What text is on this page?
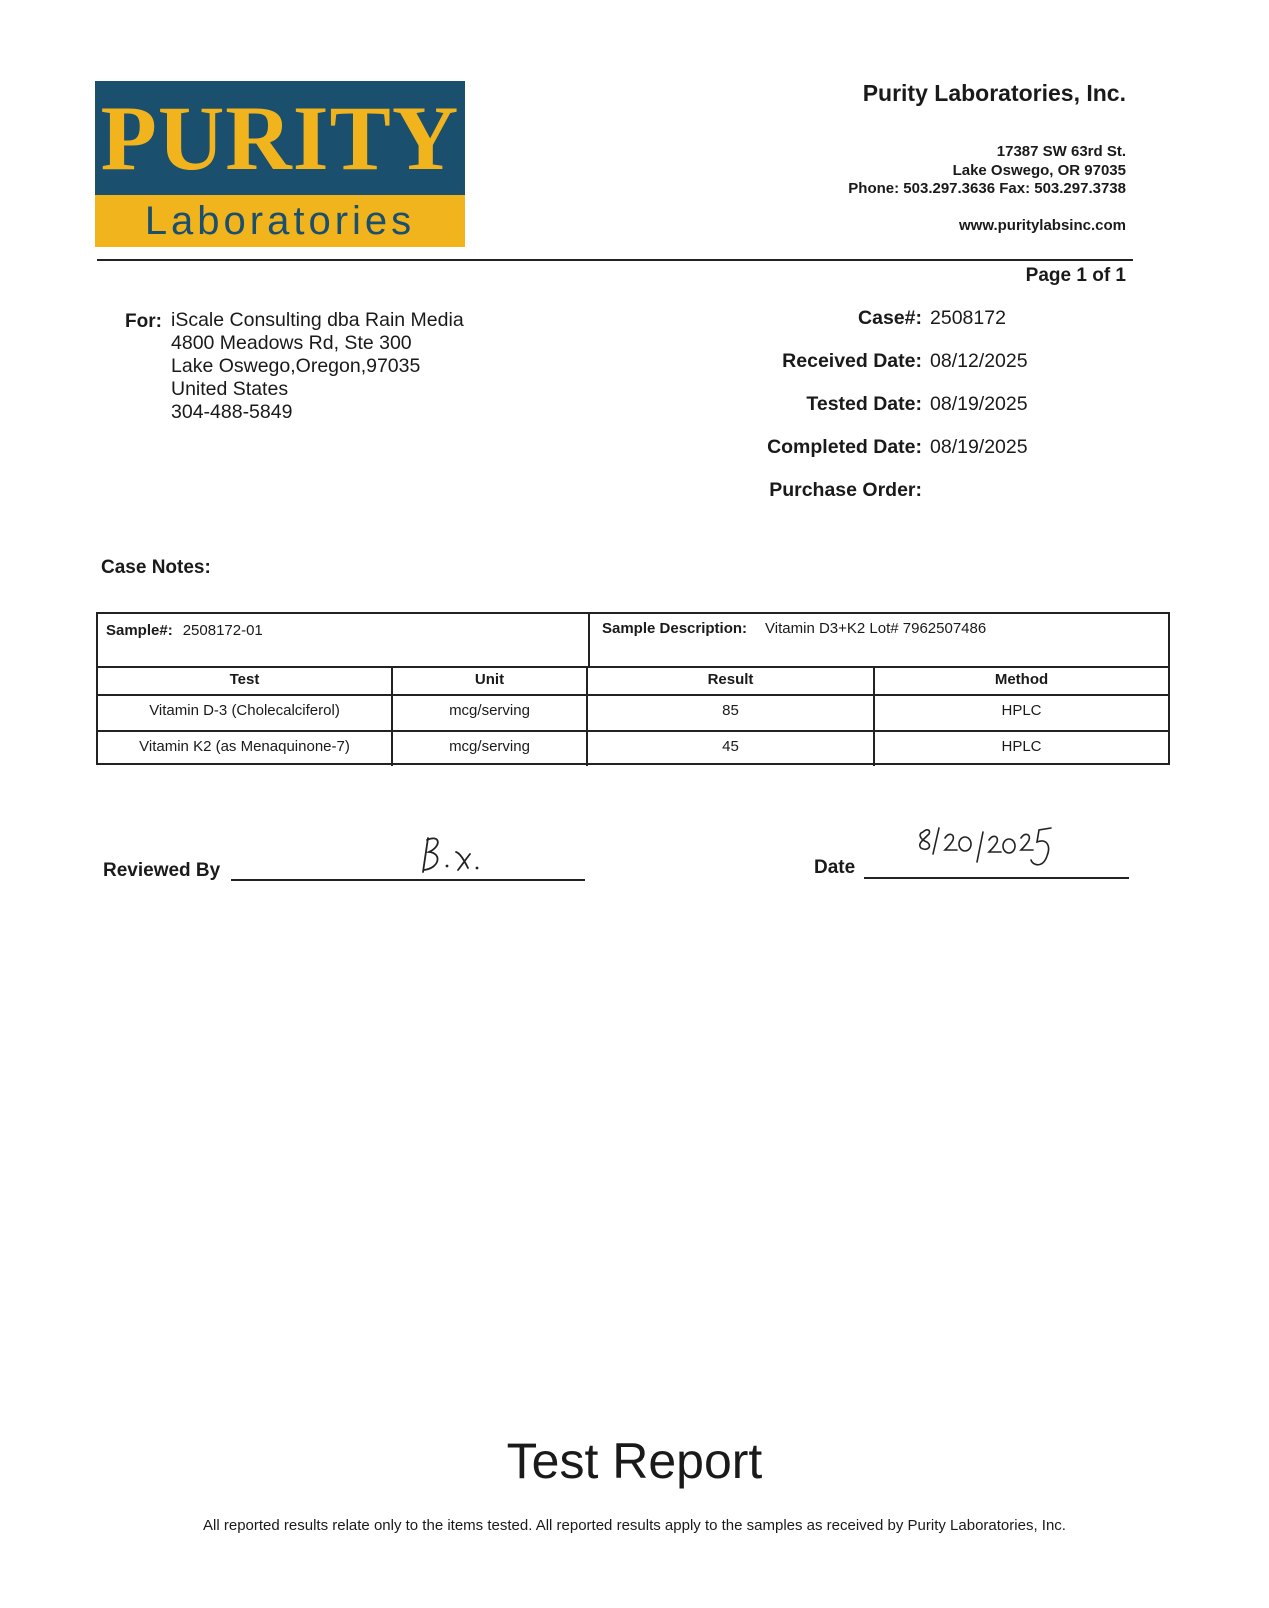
PURITY
Laboratories
Purity Laboratories, Inc.
17387 SW 63rd St.
Lake Oswego, OR 97035
Phone: 503.297.3636 Fax: 503.297.3738
www.puritylabsinc.com
Page 1 of 1
For: iScale Consulting dba Rain Media
4800 Meadows Rd, Ste 300
Lake Oswego,Oregon,97035
United States
304-488-5849
Case#: 2508172
Received Date: 08/12/2025
Tested Date: 08/19/2025
Completed Date: 08/19/2025
Purchase Order:
Case Notes:
Sample#: 2508172-01	Sample Description: Vitamin D3+K2 Lot# 7962507486
Test	Unit	Result	Method
Vitamin D-3 (Cholecalciferol)	mcg/serving	85	HPLC
Vitamin K2 (as Menaquinone-7)	mcg/serving	45	HPLC
Reviewed By	Date
Test Report
All reported results relate only to the items tested. All reported results apply to the samples as received by Purity Laboratories, Inc.
